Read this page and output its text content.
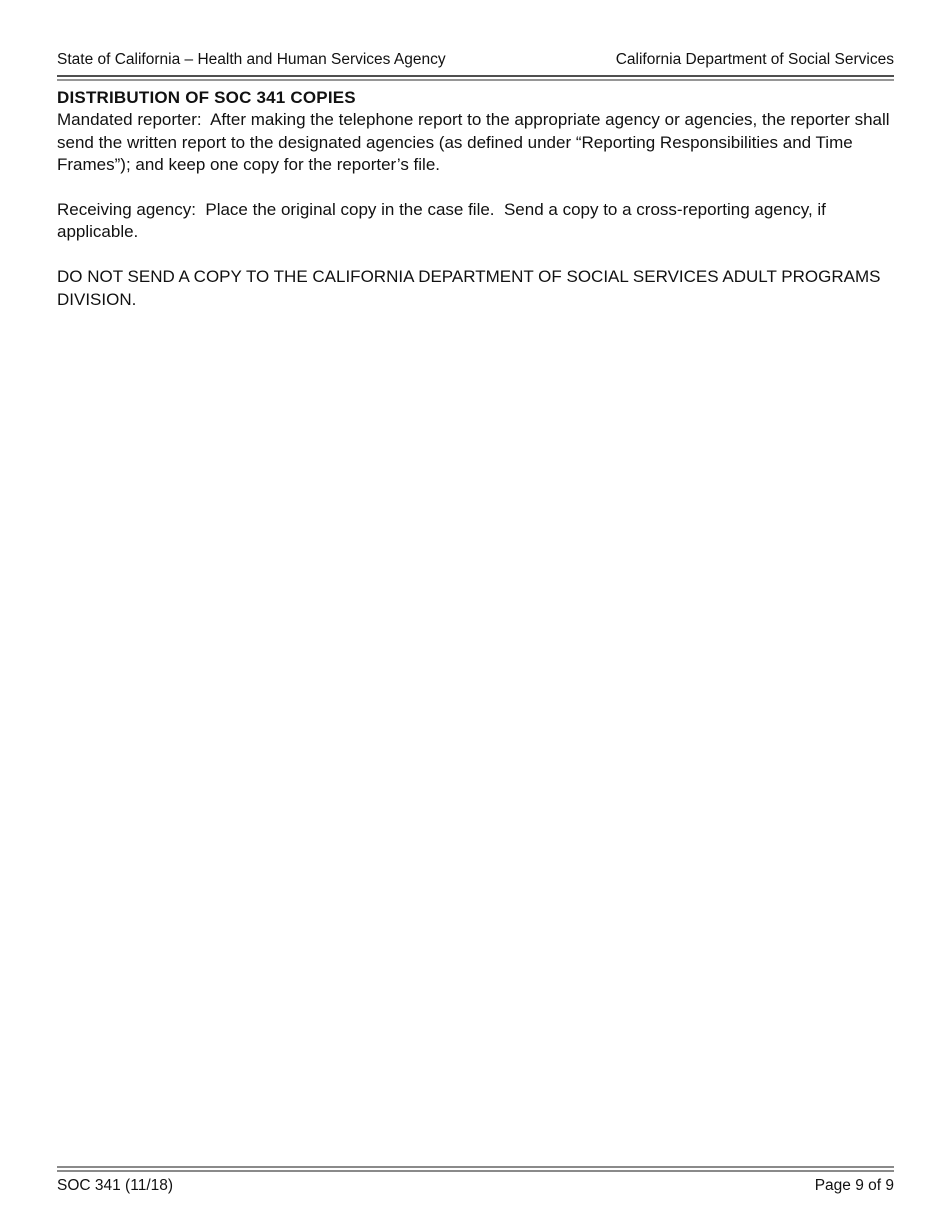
State of California – Health and Human Services Agency	California Department of Social Services
DISTRIBUTION OF SOC 341 COPIES

Mandated reporter:  After making the telephone report to the appropriate agency or agencies, the reporter shall send the written report to the designated agencies (as defined under “Reporting Responsibilities and Time Frames”); and keep one copy for the reporter’s file.

Receiving agency:  Place the original copy in the case file.  Send a copy to a cross-reporting agency, if applicable.

DO NOT SEND A COPY TO THE CALIFORNIA DEPARTMENT OF SOCIAL SERVICES ADULT PROGRAMS DIVISION.

SOC 341 (11/18)	Page 9 of 9
